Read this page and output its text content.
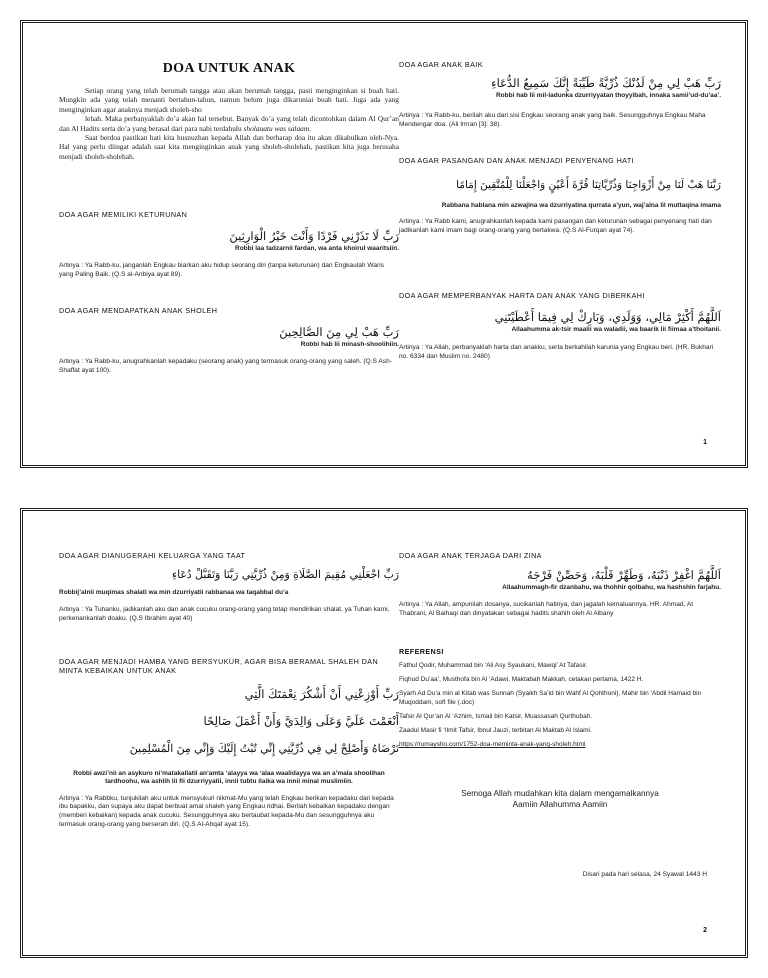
DOA UNTUK ANAK

Setiap orang yang telah berumah tangga atau akan berumah tangga, pasti menginginkan si buah hati. Mungkin ada yang telah menanti bertahun-tahun, namun belum juga dikaruniai buah hati. Juga ada yang menginginkan agar anaknya menjadi sholeh-sho

lehah. Maka perbanyaklah do’a akan hal tersebut. Banyak do’a yang telah dicontohkan dalam Al Qur’an dan Al Hadits serta do’a yang berasal dari para nabi terdahulu sholauatu was salaam.

Saat berdoa pastikan hati kita husnuzhan kepada Allah dan berharap doa itu akan dikabulkan oleh-Nya. Hal yang perlu diingat adalah saat kita menginginkan anak yang sholeh-sholehah, pastikan kita juga berusaha menjadi sholeh-sholehah.

DOA AGAR MEMILIKI KETURUNAN
رَبِّ لَا تَذَرْنِي فَرْدًا وَأَنْتَ خَيْرُ الْوَارِثِينَ
Robbi laa tadzarnii fardan, wa anta khoirul waaritsiin.
Artinya : Ya Rabb-ku, janganlah Engkau biarkan aku hidup seorang diri (tanpa keturunan) dan Engkaulah Waris yang Paling Baik. (Q.S al-Anbiya ayat 89).
DOA AGAR MENDAPATKAN ANAK SHOLEH
رَبِّ هَبْ لِي مِنَ الصَّالِحِينَ
Robbi hab lii minash-shoolihiin.
Artinya : Ya Rabb-ku, anugrahkanlah kepadaku (seorang anak) yang termasuk orang-orang yang saleh. (Q.S Ash-Shaffat ayat 100).
DOA AGAR ANAK BAIK
رَبِّ هَبْ لِي مِنْ لَدُنْكَ ذُرِّيَّةً طَيِّبَةً إِنَّكَ سَمِيعُ الدُّعَاءِ
Robbi hab lii mil-ladunka dzurriyyatan thoyyibah, innaka samii’ud-du’aa’.
Artinya : Ya Rabb-ku, berilah aku dari sisi Engkau seorang anak yang baik. Sesungguhnya Engkau Maha Mendengar doa. (Ali Imran [3]: 38).
DOA AGAR PASANGAN DAN ANAK MENJADI PENYENANG HATI
رَبَّنَا هَبْ لَنَا مِنْ أَزْوَاجِنَا وَذُرِّيَّاتِنَا قُرَّةَ أَعْيُنٍ وَاجْعَلْنَا لِلْمُتَّقِينَ إِمَامًا
Rabbana hablana min azwajina wa dzurriyatina qurrata a’yun, waj’alna lil muttaqina imama
Artinya : Ya Rabb kami, anugrahkanlah kepada kami pasangan dan keturunan sebagai penyenang hati dan jadikanlah kami imam bagi orang-orang yang bertakwa. (Q.S Al-Furqan ayat 74).
DOA AGAR MEMPERBANYAK HARTA DAN ANAK YANG DIBERKAHI
اَللَّهُمَّ أَكْثِرْ مَالِي، وَوَلَدِي، وَبَارِكْ لِي فِيمَا أَعْطَيْتَنِي
Allaahumma ak-tsir maalii wa waladii, wa baarik lii fiimaa a’thoitanii.
Artinya : Ya Allah, perbanyaklah harta dan anakku, serta berkahilah karunia yang Engkau beri. (HR. Bukhari no. 6334 dan Muslim no. 2480)
1
DOA AGAR DIANUGERAHI KELUARGA YANG TAAT
رَبِّ اجْعَلْنِي مُقِيمَ الصَّلَاةِ وَمِنْ ذُرِّيَّتِي رَبَّنَا وَتَقَبَّلْ دُعَاءِ
Robbij’alnii muqimas shalati wa min dzurriyatii rabbanaa wa taqabbal du’a
Artinya : Ya Tuhanku, jadikanlah aku dan anak cucuku orang-orang yang tetap mendirikan shalat, ya Tuhan kami, perkenankanlah doaku. (Q.S Ibrahim ayat 40)
DOA AGAR MENJADI HAMBA YANG BERSYUKUR, AGAR BISA BERAMAL SHALEH DAN MINTA KEBAIKAN UNTUK ANAK
رَبِّ أَوْزِعْنِي أَنْ أَشْكُرَ نِعْمَتَكَ الَّتِي
أَنْعَمْتَ عَلَيَّ وَعَلَى وَالِدَيَّ وَأَنْ أَعْمَلَ صَالِحًا
تَرْضَاهُ وَأَصْلِحْ لِي فِي ذُرِّيَّتِي إِنِّي تُبْتُ إِلَيْكَ وَإِنِّي مِنَ الْمُسْلِمِينَ
Robbi awzi’nii an asykuro ni’matakallatii an’amta ‘alayya wa ‘alaa waalidayya wa an a’mala shoolihan tardhoohu, wa ashlih lii fii dzurriyyatii, innii tubtu ilaika wa innii minal muslimiin.
Artinya : Ya Rabbku, tunjukilah aku untuk mensyukuri nikmat-Mu yang telah Engkau berikan kepadaku dan kepada ibu bapakku, dan supaya aku dapat berbuat amal shaleh yang Engkau ridhai. Berilah kebaikan kepadaku dengan (memberi kebaikan) kepada anak cucuku. Sesungguhnya aku bertaubat kepada-Mu dan sesungguhnya aku termasuk orang-orang yang berserah diri. (Q.S Al-Ahqaf ayat 15).
DOA AGAR ANAK TERJAGA DARI ZINA
اَللَّهُمَّ اغْفِرْ ذَنْبَهُ، وَطَهِّرْ قَلْبَهُ، وَحَصِّنْ فَرْجَهُ
Allaahummagh-fir dzanbahu, wa thohhir qolbahu, wa hashshin farjahu.
Artinya : Ya Allah, ampunilah dosanya, sucikanlah hatinya, dan jagalah kemaluannya. HR. Ahmad, At Thabrani, Al Baihaqi dan dinyatakan sebagai hadits shahih oleh Al Albany
REFERENSI
Fathul Qodir, Muhammad bin ‘Ali Asy Syaukani, Mawqi’ At Tafasir.
Fiqhud Du’aa’, Musthofa bin Al ‘Adawi, Maktabah Makkah, cetakan pertama, 1422 H.
Syarh Ad Du’a min al Kitab was Sunnah (Syaikh Sa’id bin Wahf Al Qohthoni), Mahir bin ‘Abdil Hamaid bin Muqoddam, soft file (.doc)
Tafsir Al Qur’an Al ‘Azhim, Ismail bin Katsir, Muassasah Qurthubah.
Zaadul Masir fi ‘Ilmit Tafsir, Ibnul Jauzi, terbitan Al Maktab Al Islami.
https://rumaysho.com/1752-doa-meminta-anak-yang-sholeh.html
Semoga Allah mudahkan kita dalam mengamalkannya
Aamiin Allahumma Aamiin
Disari pada hari selasa, 24 Syawal 1443 H
2
